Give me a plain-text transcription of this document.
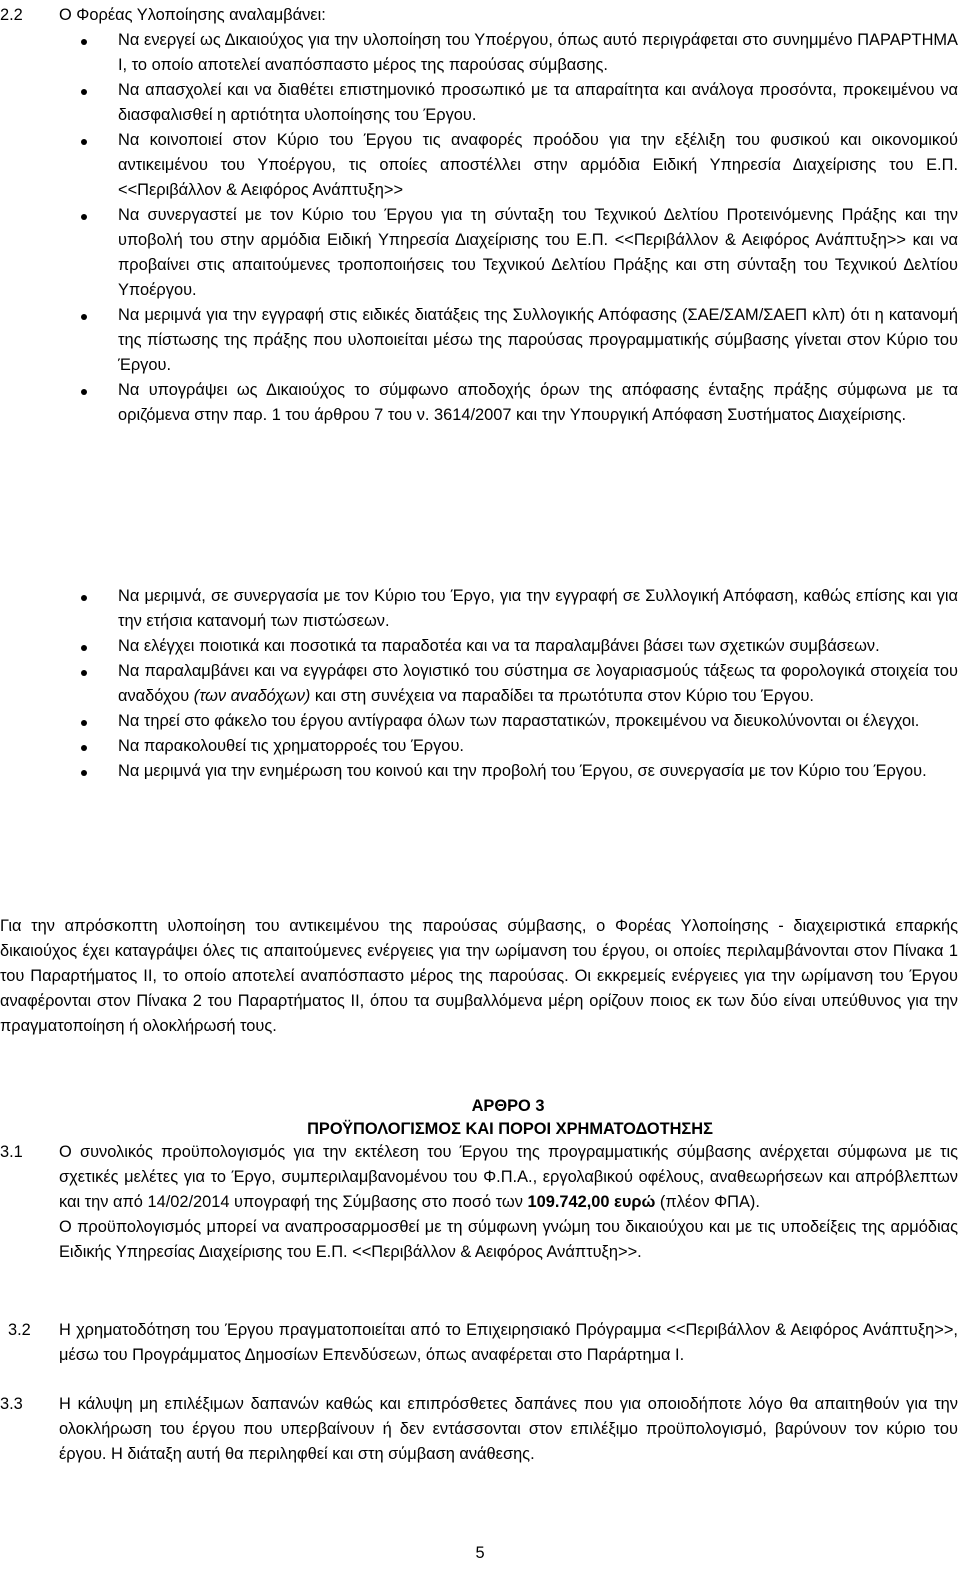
2.2 Ο Φορέας Υλοποίησης αναλαμβάνει:
Να ενεργεί ως Δικαιούχος για την υλοποίηση του Υποέργου, όπως αυτό περιγράφεται στο συνημμένο ΠΑΡΑΡΤΗΜΑ Ι, το οποίο αποτελεί αναπόσπαστο μέρος της παρούσας σύμβασης.
Να απασχολεί και να διαθέτει επιστημονικό προσωπικό με τα απαραίτητα και ανάλογα προσόντα, προκειμένου να διασφαλισθεί η αρτιότητα υλοποίησης του Έργου.
Να κοινοποιεί στον Κύριο του Έργου τις αναφορές προόδου για την εξέλιξη του φυσικού και οικονομικού αντικειμένου του Υποέργου, τις οποίες αποστέλλει στην αρμόδια Ειδική Υπηρεσία Διαχείρισης του Ε.Π. <<Περιβάλλον & Αειφόρος Ανάπτυξη>>
Να συνεργαστεί με τον Κύριο του Έργου για τη σύνταξη του Τεχνικού Δελτίου Προτεινόμενης Πράξης και την υποβολή του στην αρμόδια Ειδική Υπηρεσία Διαχείρισης του Ε.Π. <<Περιβάλλον & Αειφόρος Ανάπτυξη>> και να προβαίνει στις απαιτούμενες τροποποιήσεις του Τεχνικού Δελτίου Πράξης και στη σύνταξη του Τεχνικού Δελτίου Υποέργου.
Να μεριμνά για την εγγραφή στις ειδικές διατάξεις της Συλλογικής Απόφασης (ΣΑΕ/ΣΑΜ/ΣΑΕΠ κλπ) ότι η κατανομή της πίστωσης της πράξης που υλοποιείται μέσω της παρούσας προγραμματικής σύμβασης γίνεται στον Κύριο του Έργου.
Να υπογράψει ως Δικαιούχος το σύμφωνο αποδοχής όρων της απόφασης ένταξης πράξης σύμφωνα με τα οριζόμενα στην παρ. 1 του άρθρου 7 του ν. 3614/2007 και την Υπουργική Απόφαση Συστήματος Διαχείρισης.
Να μεριμνά, σε συνεργασία με τον Κύριο του Έργο, για την εγγραφή σε Συλλογική Απόφαση, καθώς επίσης και για την ετήσια κατανομή των πιστώσεων.
Να ελέγχει ποιοτικά και ποσοτικά τα παραδοτέα και να τα παραλαμβάνει βάσει των σχετικών συμβάσεων.
Να παραλαμβάνει και να εγγράφει στο λογιστικό του σύστημα σε λογαριασμούς τάξεως τα φορολογικά στοιχεία του αναδόχου (των αναδόχων) και στη συνέχεια να παραδίδει τα πρωτότυπα στον Κύριο του Έργου.
Να τηρεί στο φάκελο του έργου αντίγραφα όλων των παραστατικών, προκειμένου να διευκολύνονται οι έλεγχοι.
Να παρακολουθεί τις χρηματορροές του Έργου.
Να μεριμνά για την ενημέρωση του κοινού και την προβολή του Έργου, σε συνεργασία με τον Κύριο του Έργου.
Για την απρόσκοπτη υλοποίηση του αντικειμένου της παρούσας σύμβασης, ο Φορέας Υλοποίησης - διαχειριστικά επαρκής δικαιούχος έχει καταγράψει όλες τις απαιτούμενες ενέργειες για την ωρίμανση του έργου, οι οποίες περιλαμβάνονται στον Πίνακα 1 του Παραρτήματος ΙΙ, το οποίο αποτελεί αναπόσπαστο μέρος της παρούσας. Οι εκκρεμείς ενέργειες για την ωρίμανση του Έργου αναφέρονται στον Πίνακα 2 του Παραρτήματος ΙΙ, όπου τα συμβαλλόμενα μέρη ορίζουν ποιος εκ των δύο είναι υπεύθυνος για την πραγματοποίηση ή ολοκλήρωσή τους.
ΑΡΘΡΟ 3
ΠΡΟΫΠΟΛΟΓΙΣΜΟΣ ΚΑΙ ΠΟΡΟΙ ΧΡΗΜΑΤΟΔΟΤΗΣΗΣ
3.1 Ο συνολικός προϋπολογισμός για την εκτέλεση του Έργου της προγραμματικής σύμβασης ανέρχεται σύμφωνα με τις σχετικές μελέτες για το Έργο, συμπεριλαμβανομένου του Φ.Π.Α., εργολαβικού οφέλους, αναθεωρήσεων και απρόβλεπτων και την από 14/02/2014 υπογραφή της Σύμβασης στο ποσό των 109.742,00 ευρώ (πλέον ΦΠΑ).
Ο προϋπολογισμός μπορεί να αναπροσαρμοσθεί με τη σύμφωνη γνώμη του δικαιούχου και με τις υποδείξεις της αρμόδιας Ειδικής Υπηρεσίας Διαχείρισης του Ε.Π. <<Περιβάλλον & Αειφόρος Ανάπτυξη>>.
3.2 Η χρηματοδότηση του Έργου πραγματοποιείται από το Επιχειρησιακό Πρόγραμμα <<Περιβάλλον & Αειφόρος Ανάπτυξη>>, μέσω του Προγράμματος Δημοσίων Επενδύσεων, όπως αναφέρεται στο Παράρτημα Ι.
3.3 Η κάλυψη μη επιλέξιμων δαπανών καθώς και επιπρόσθετες δαπάνες που για οποιοδήποτε λόγο θα απαιτηθούν για την ολοκλήρωση του έργου που υπερβαίνουν ή δεν εντάσσονται στον επιλέξιμο προϋπολογισμό, βαρύνουν τον κύριο του έργου. Η διάταξη αυτή θα περιληφθεί και στη σύμβαση ανάθεσης.
5
